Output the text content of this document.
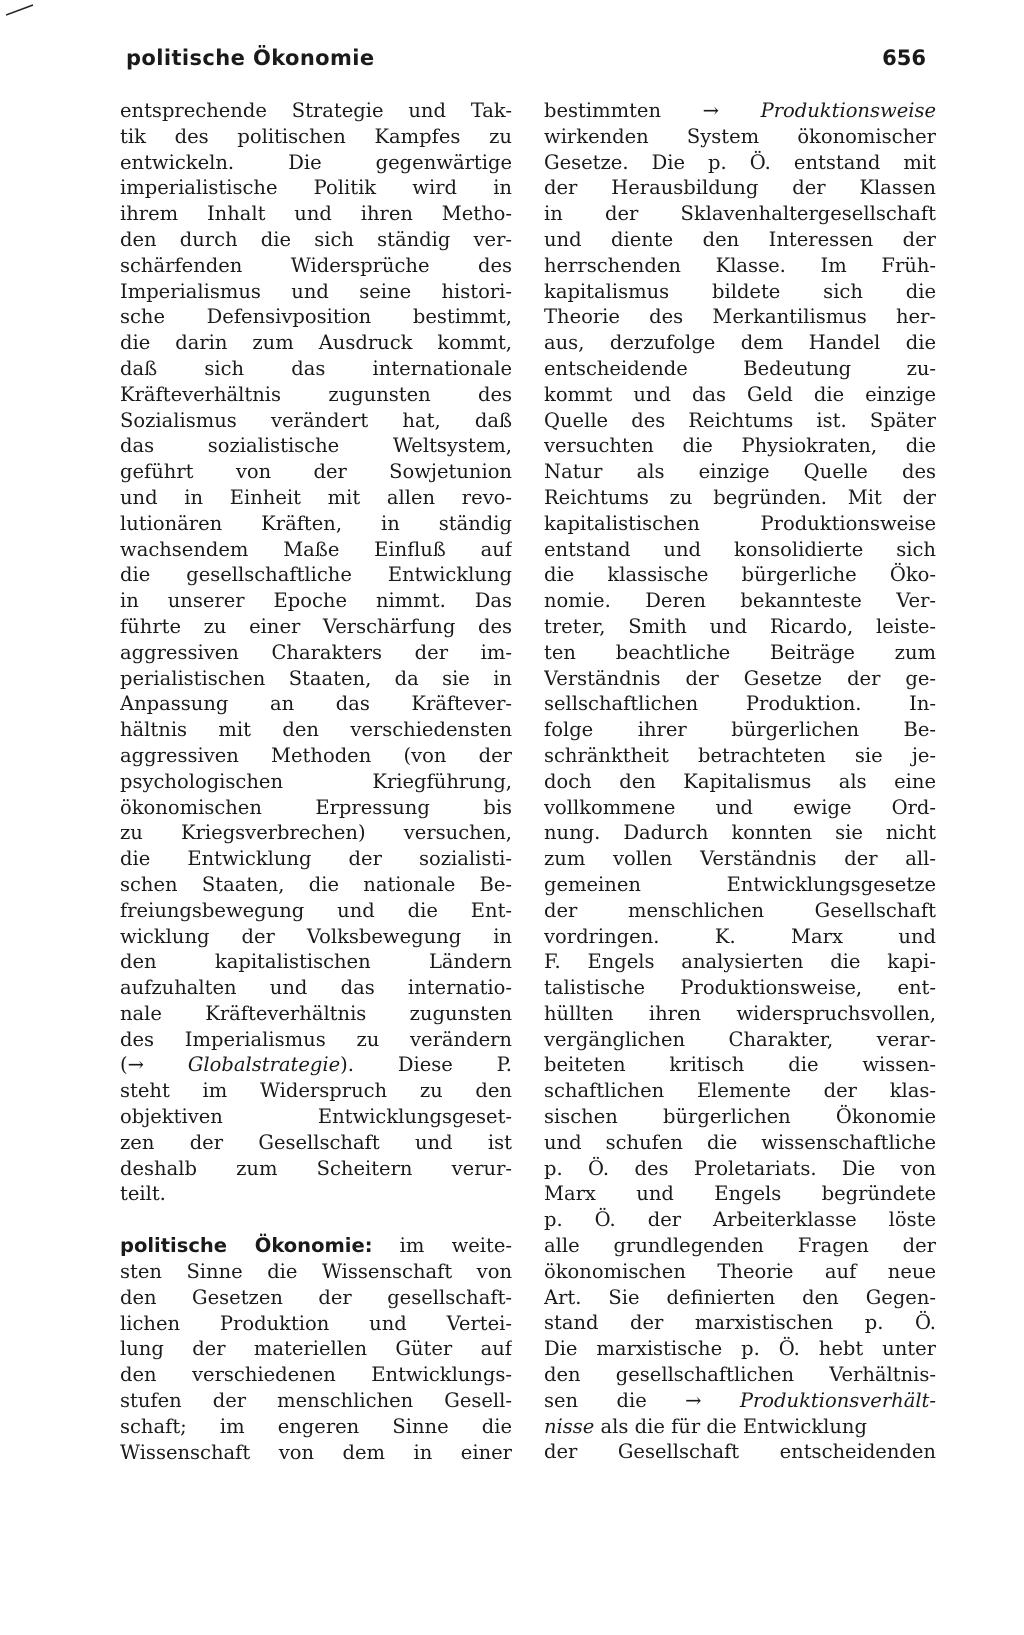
politische Ökonomie	656
entsprechende Strategie und Tak-
tik des politischen Kampfes zu
entwickeln. Die gegenwärtige
imperialistische Politik wird in
ihrem Inhalt und ihren Metho-
den durch die sich ständig ver-
schärfenden Widersprüche des
Imperialismus und seine histori-
sche Defensivposition bestimmt,
die darin zum Ausdruck kommt,
daß sich das internationale
Kräfteverhältnis zugunsten des
Sozialismus verändert hat, daß
das sozialistische Weltsystem,
geführt von der Sowjetunion
und in Einheit mit allen revo-
lutionären Kräften, in ständig
wachsendem Maße Einfluß auf
die gesellschaftliche Entwicklung
in unserer Epoche nimmt. Das
führte zu einer Verschärfung des
aggressiven Charakters der im-
perialistischen Staaten, da sie in
Anpassung an das Kräftever-
hältnis mit den verschiedensten
aggressiven Methoden (von der
psychologischen Kriegführung,
ökonomischen Erpressung bis
zu Kriegsverbrechen) versuchen,
die Entwicklung der sozialisti-
schen Staaten, die nationale Be-
freiungsbewegung und die Ent-
wicklung der Volksbewegung in
den kapitalistischen Ländern
aufzuhalten und das internatio-
nale Kräfteverhältnis zugunsten
des Imperialismus zu verändern
(→ Globalstrategie). Diese P.
steht im Widerspruch zu den
objektiven Entwicklungsgeset-
zen der Gesellschaft und ist
deshalb zum Scheitern verur-
teilt.
politische Ökonomie: im weite-
sten Sinne die Wissenschaft von
den Gesetzen der gesellschaft-
lichen Produktion und Vertei-
lung der materiellen Güter auf
den verschiedenen Entwicklungs-
stufen der menschlichen Gesell-
schaft; im engeren Sinne die
Wissenschaft von dem in einer
bestimmten → Produktionsweise
wirkenden System ökonomischer
Gesetze. Die p. Ö. entstand mit
der Herausbildung der Klassen
in der Sklavenhaltergesellschaft
und diente den Interessen der
herrschenden Klasse. Im Früh-
kapitalismus bildete sich die
Theorie des Merkantilismus her-
aus, derzufolge dem Handel die
entscheidende Bedeutung zu-
kommt und das Geld die einzige
Quelle des Reichtums ist. Später
versuchten die Physiokraten, die
Natur als einzige Quelle des
Reichtums zu begründen. Mit der
kapitalistischen Produktionsweise
entstand und konsolidierte sich
die klassische bürgerliche Öko-
nomie. Deren bekannteste Ver-
treter, Smith und Ricardo, leiste-
ten beachtliche Beiträge zum
Verständnis der Gesetze der ge-
sellschaftlichen Produktion. In-
folge ihrer bürgerlichen Be-
schränktheit betrachteten sie je-
doch den Kapitalismus als eine
vollkommene und ewige Ord-
nung. Dadurch konnten sie nicht
zum vollen Verständnis der all-
gemeinen Entwicklungsgesetze
der menschlichen Gesellschaft
vordringen. K. Marx und
F. Engels analysierten die kapi-
talistische Produktionsweise, ent-
hüllten ihren widerspruchsvollen,
vergänglichen Charakter, verar-
beiteten kritisch die wissen-
schaftlichen Elemente der klas-
sischen bürgerlichen Ökonomie
und schufen die wissenschaftliche
p. Ö. des Proletariats. Die von
Marx und Engels begründete
p. Ö. der Arbeiterklasse löste
alle grundlegenden Fragen der
ökonomischen Theorie auf neue
Art. Sie definierten den Gegen-
stand der marxistischen p. Ö.
Die marxistische p. Ö. hebt unter
den gesellschaftlichen Verhältnis-
sen die → Produktionsverhält-
nisse als die für die Entwicklung
der Gesellschaft entscheidenden
